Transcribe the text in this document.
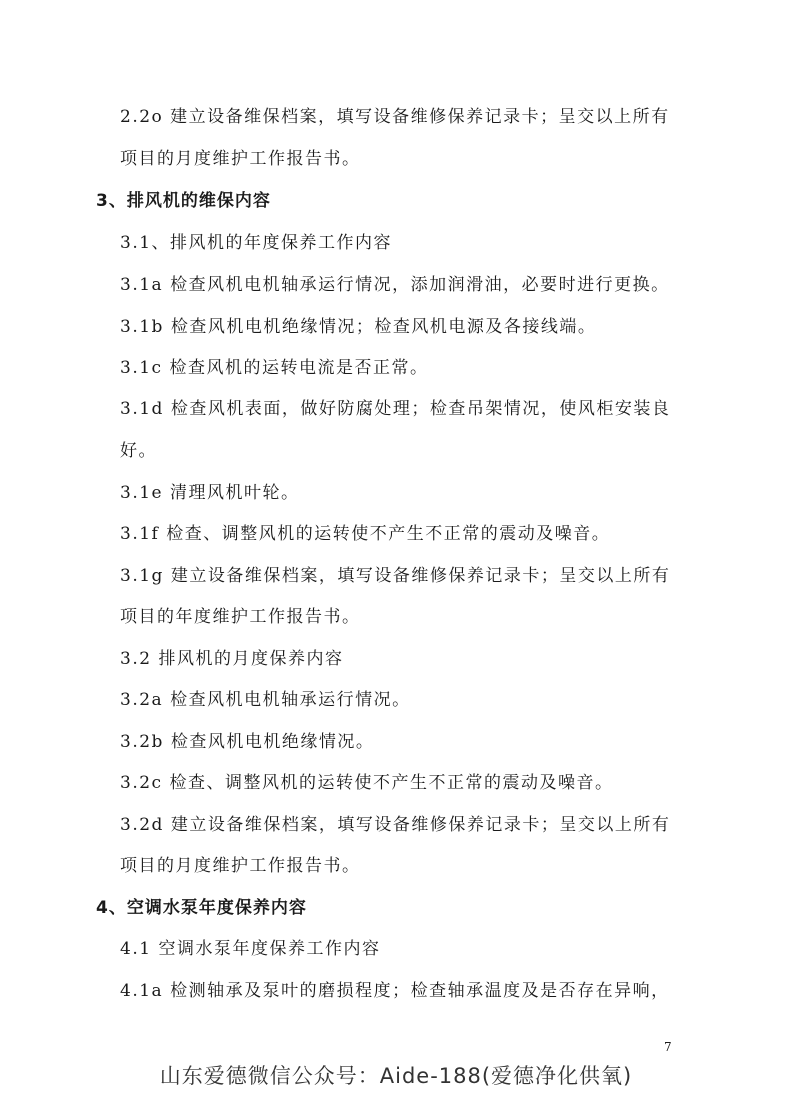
2.2o 建立设备维保档案，填写设备维修保养记录卡；呈交以上所有
项目的月度维护工作报告书。
3、排风机的维保内容
3.1、排风机的年度保养工作内容
3.1a 检查风机电机轴承运行情况，添加润滑油，必要时进行更换。
3.1b 检查风机电机绝缘情况；检查风机电源及各接线端。
3.1c 检查风机的运转电流是否正常。
3.1d 检查风机表面，做好防腐处理；检查吊架情况，使风柜安装良
好。
3.1e 清理风机叶轮。
3.1f 检查、调整风机的运转使不产生不正常的震动及噪音。
3.1g 建立设备维保档案，填写设备维修保养记录卡；呈交以上所有
项目的年度维护工作报告书。
3.2 排风机的月度保养内容
3.2a 检查风机电机轴承运行情况。
3.2b 检查风机电机绝缘情况。
3.2c 检查、调整风机的运转使不产生不正常的震动及噪音。
3.2d 建立设备维保档案，填写设备维修保养记录卡；呈交以上所有
项目的月度维护工作报告书。
4、空调水泵年度保养内容
4.1 空调水泵年度保养工作内容
4.1a 检测轴承及泵叶的磨损程度；检查轴承温度及是否存在异响，
7
山东爱德微信公众号：Aide-188(爱德净化供氧)
